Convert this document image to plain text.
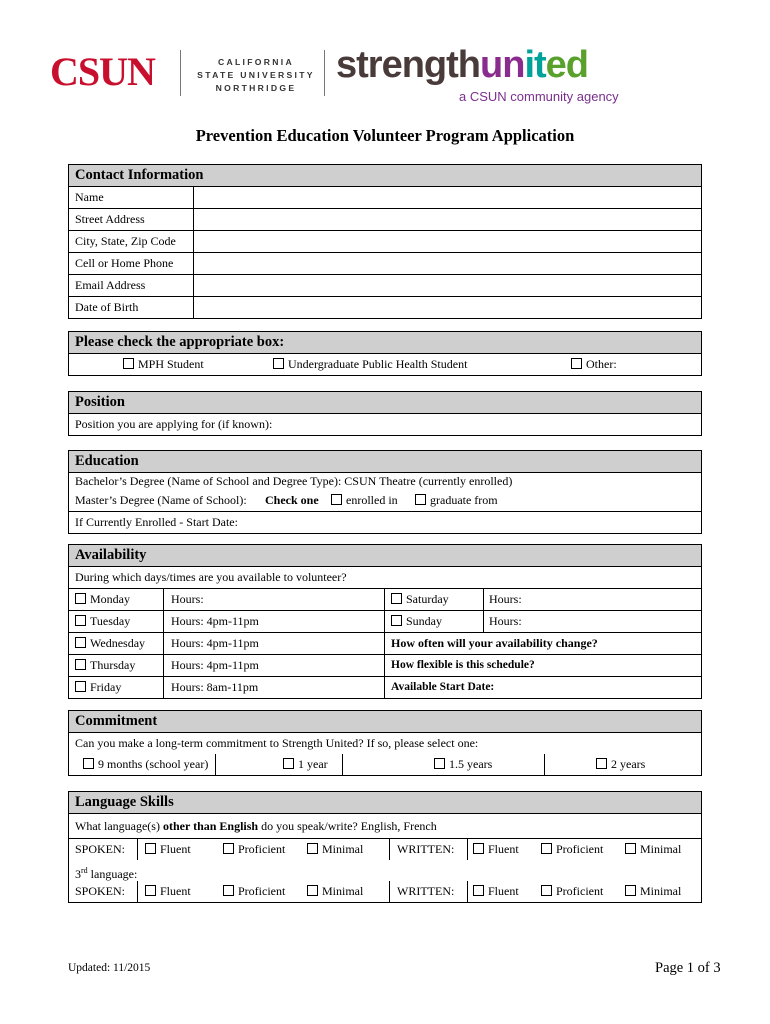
CSUN	CALIFORNIA
STATE UNIVERSITY
NORTHRIDGE
strengthunited
a CSUN community agency
Prevention Education Volunteer Program Application
Contact Information
Name
Street Address
City, State, Zip Code
Cell or Home Phone
Email Address
Date of Birth
Please check the appropriate box:
MPH Student	Undergraduate Public Health Student	Other:
Position
Position you are applying for (if known):
Education
Bachelor’s Degree (Name of School and Degree Type): CSUN Theatre (currently enrolled)
Master’s Degree (Name of School): Check one	enrolled in	graduate from
If Currently Enrolled - Start Date:
Availability
During which days/times are you available to volunteer?
Monday	Hours:	Saturday	Hours:
Tuesday	Hours: 4pm-11pm	Sunday	Hours:
Wednesday Hours: 4pm-11pm	How often will your availability change?
Thursday	Hours: 4pm-11pm	How flexible is this schedule?
Friday	Hours: 8am-11pm	Available Start Date:
Commitment
Can you make a long-term commitment to Strength United? If so, please select one:
9 months (school year)	1 year	1.5 years	2 years
Language Skills
What language(s) other than English do you speak/write? English, French
SPOKEN:	Fluent	Proficient	Minimal	WRITTEN:	Fluent	Proficient	Minimal
3rd language:
SPOKEN:	Fluent	Proficient	Minimal	WRITTEN:	Fluent	Proficient	Minimal
Updated: 11/2015	Page 1 of 3
